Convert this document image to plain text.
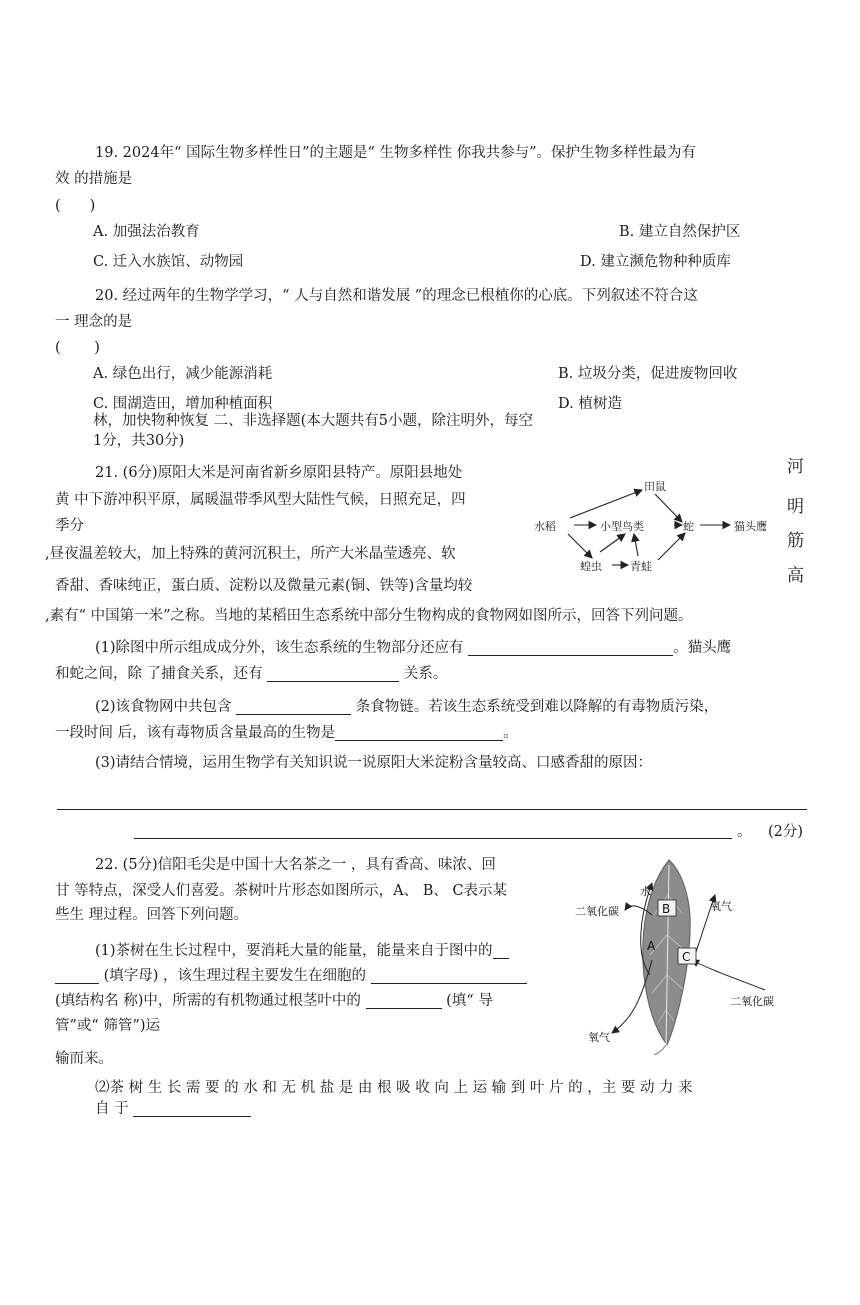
19. 2024年“ 国际生物多样性日”的主题是“ 生物多样性 你我共参与”。保护生物多样性最为有
效 的措施是
(　　)
A. 加强法治教育	B. 建立自然保护区
C. 迁入水族馆、动物园	D. 建立濒危物种种质库
20. 经过两年的生物学学习，“ 人与自然和谐发展 ”的理念已根植你的心底。下列叙述不符合这
一 理念的是
(　　 )
A. 绿色出行，减少能源消耗	B. 垃圾分类，促进废物回收
C. 围湖造田，增加种植面积	D. 植树造
林，加快物种恢复 二、非选择题(本大题共有5小题，除注明外，每空
1分，共30分)
21. (6分)原阳大米是河南省新乡原阳县特产。原阳县地处
黄 中下游冲积平原，属暖温带季风型大陆性气候，日照充足，四
季分
,昼夜温差较大，加上特殊的黄河沉积土，所产大米晶莹透亮、软
香甜、香味纯正，蛋白质、淀粉以及微量元素(铜、铁等)含量均较
,素有“ 中国第一米”之称。当地的某稻田生态系统中部分生物构成的食物网如图所示，回答下列问题。
河
明
筋
高
水稻
田鼠
小型鸟类	蛇	猫头鹰
蝗虫	青蛙
(1)除图中所示组成成分外，该生态系统的生物部分还应有	。猫头鹰
和蛇之间，除 了捕食关系，还有	关系。
(2)该食物网中共包含	条食物链。若该生态系统受到难以降解的有毒物质污染，
一段时间 后，该有毒物质含量最高的生物是	。
(3)请结合情境，运用生物学有关知识说一说原阳大米淀粉含量较高、口感香甜的原因：
。 (2分)
22. (5分)信阳毛尖是中国十大名茶之一 ，具有香高、味浓、回
甘 等特点，深受人们喜爱。茶树叶片形态如图所示，A、 B、 C表示某
些生 理过程。回答下列问题。
(1)茶树在生长过程中，要消耗大量的能量，能量来自于图中的
(填字母) ，该生理过程主要发生在细胞的
(填结构名 称)中，所需的有机物通过根茎叶中的	(填“ 导
管”或“ 筛管”)运
输而来。
⑵茶 树 生 长 需 要 的 水 和 无 机 盐 是 由 根 吸 收 向 上 运 输 到 叶 片 的 ，主 要 动 力 来
自 于
B
A
C
水
二氧化碳	氧气
氧气
二氧化碳
